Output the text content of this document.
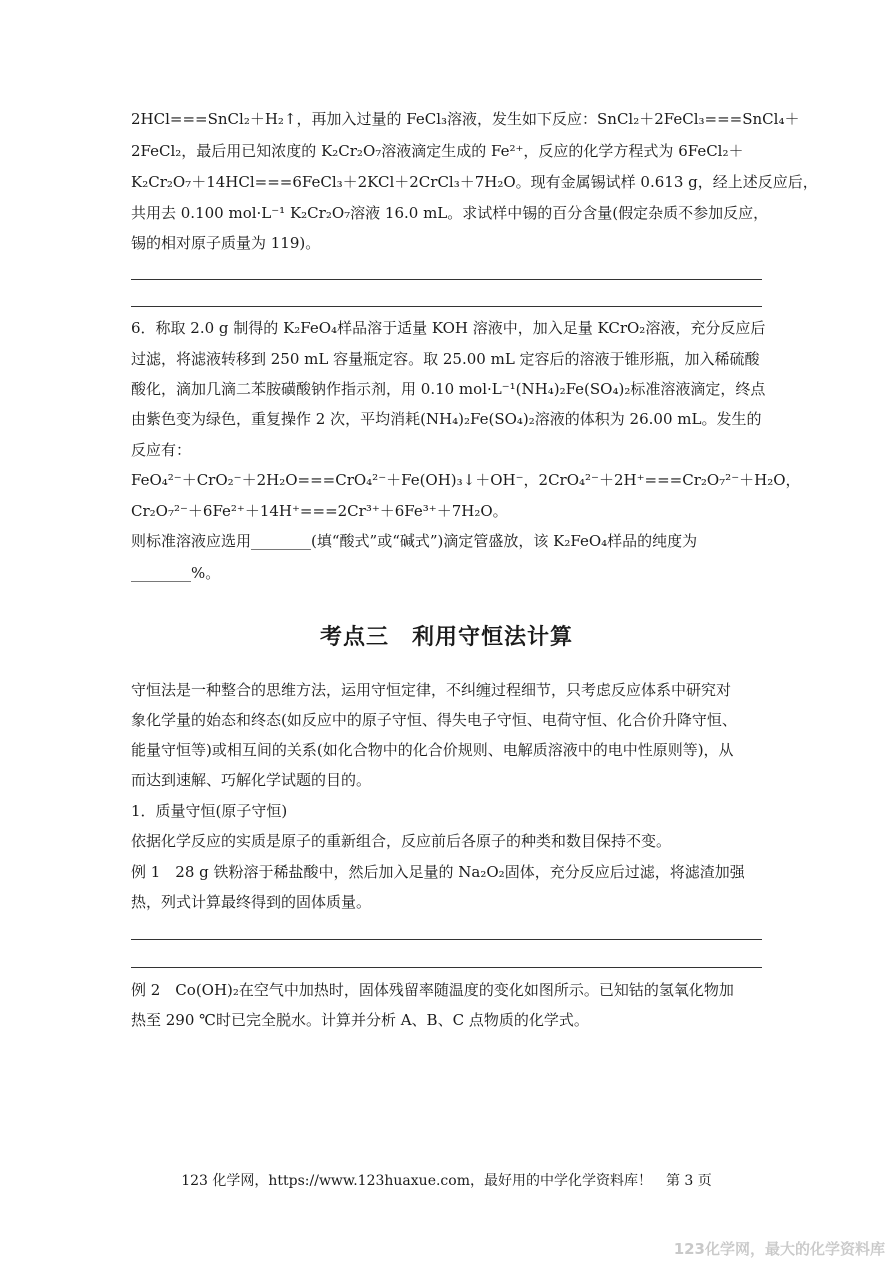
2HCl===SnCl₂＋H₂↑，再加入过量的 FeCl₃溶液，发生如下反应：SnCl₂＋2FeCl₃===SnCl₄＋
2FeCl₂，最后用已知浓度的 K₂Cr₂O₇溶液滴定生成的 Fe²⁺，反应的化学方程式为 6FeCl₂＋
K₂Cr₂O₇＋14HCl===6FeCl₃＋2KCl＋2CrCl₃＋7H₂O。现有金属锡试样 0.613 g，经上述反应后，
共用去 0.100 mol·L⁻¹ K₂Cr₂O₇溶液 16.0 mL。求试样中锡的百分含量(假定杂质不参加反应，
锡的相对原子质量为 119)。
6．称取 2.0 g 制得的 K₂FeO₄样品溶于适量 KOH 溶液中，加入足量 KCrO₂溶液，充分反应后
过滤，将滤液转移到 250 mL 容量瓶定容。取 25.00 mL 定容后的溶液于锥形瓶，加入稀硫酸
酸化，滴加几滴二苯胺磺酸钠作指示剂，用 0.10 mol·L⁻¹(NH₄)₂Fe(SO₄)₂标准溶液滴定，终点
由紫色变为绿色，重复操作 2 次，平均消耗(NH₄)₂Fe(SO₄)₂溶液的体积为 26.00 mL。发生的
反应有：
FeO₄²⁻＋CrO₂⁻＋2H₂O===CrO₄²⁻＋Fe(OH)₃↓＋OH⁻，2CrO₄²⁻＋2H⁺===Cr₂O₇²⁻＋H₂O，
Cr₂O₇²⁻＋6Fe²⁺＋14H⁺===2Cr³⁺＋6Fe³⁺＋7H₂O。
则标准溶液应选用________(填“酸式”或“碱式”)滴定管盛放，该 K₂FeO₄样品的纯度为
________%。
考点三　利用守恒法计算
守恒法是一种整合的思维方法，运用守恒定律，不纠缠过程细节，只考虑反应体系中研究对
象化学量的始态和终态(如反应中的原子守恒、得失电子守恒、电荷守恒、化合价升降守恒、
能量守恒等)或相互间的关系(如化合物中的化合价规则、电解质溶液中的电中性原则等)，从
而达到速解、巧解化学试题的目的。
1．质量守恒(原子守恒)
依据化学反应的实质是原子的重新组合，反应前后各原子的种类和数目保持不变。
例 1　28 g 铁粉溶于稀盐酸中，然后加入足量的 Na₂O₂固体，充分反应后过滤，将滤渣加强
热，列式计算最终得到的固体质量。
例 2　Co(OH)₂在空气中加热时，固体残留率随温度的变化如图所示。已知钴的氢氧化物加
热至 290 ℃时已完全脱水。计算并分析 A、B、C 点物质的化学式。
123 化学网，https://www.123huaxue.com，最好用的中学化学资料库！　第 3 页
123化学网，最大的化学资料库
